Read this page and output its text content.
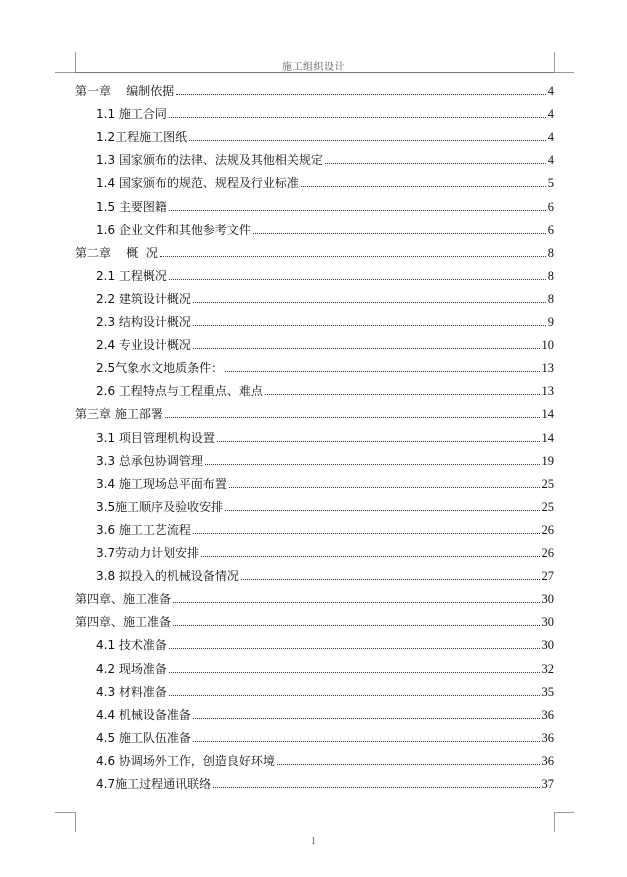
施工组织设计
第一章    编制依据	4
1.1 施工合同	4
1.2工程施工图纸	4
1.3 国家颁布的法律、法规及其他相关规定	4
1.4 国家颁布的规范、规程及行业标准	5
1.5 主要图籍	6
1.6 企业文件和其他参考文件	6
第二章    概  况	8
2.1 工程概况	8
2.2 建筑设计概况	8
2.3 结构设计概况	9
2.4 专业设计概况	10
2.5气象水文地质条件：	13
2.6 工程特点与工程重点、难点	13
第三章 施工部署	14
3.1 项目管理机构设置	14
3.3 总承包协调管理	19
3.4 施工现场总平面布置	25
3.5施工顺序及验收安排	25
3.6 施工工艺流程	26
3.7劳动力计划安排	26
3.8 拟投入的机械设备情况	27
第四章、施工准备	30
第四章、施工准备	30
4.1 技术准备	30
4.2 现场准备	32
4.3 材料准备	35
4.4 机械设备准备	36
4.5 施工队伍准备	36
4.6 协调场外工作，创造良好环境	36
4.7施工过程通讯联络	37
1
